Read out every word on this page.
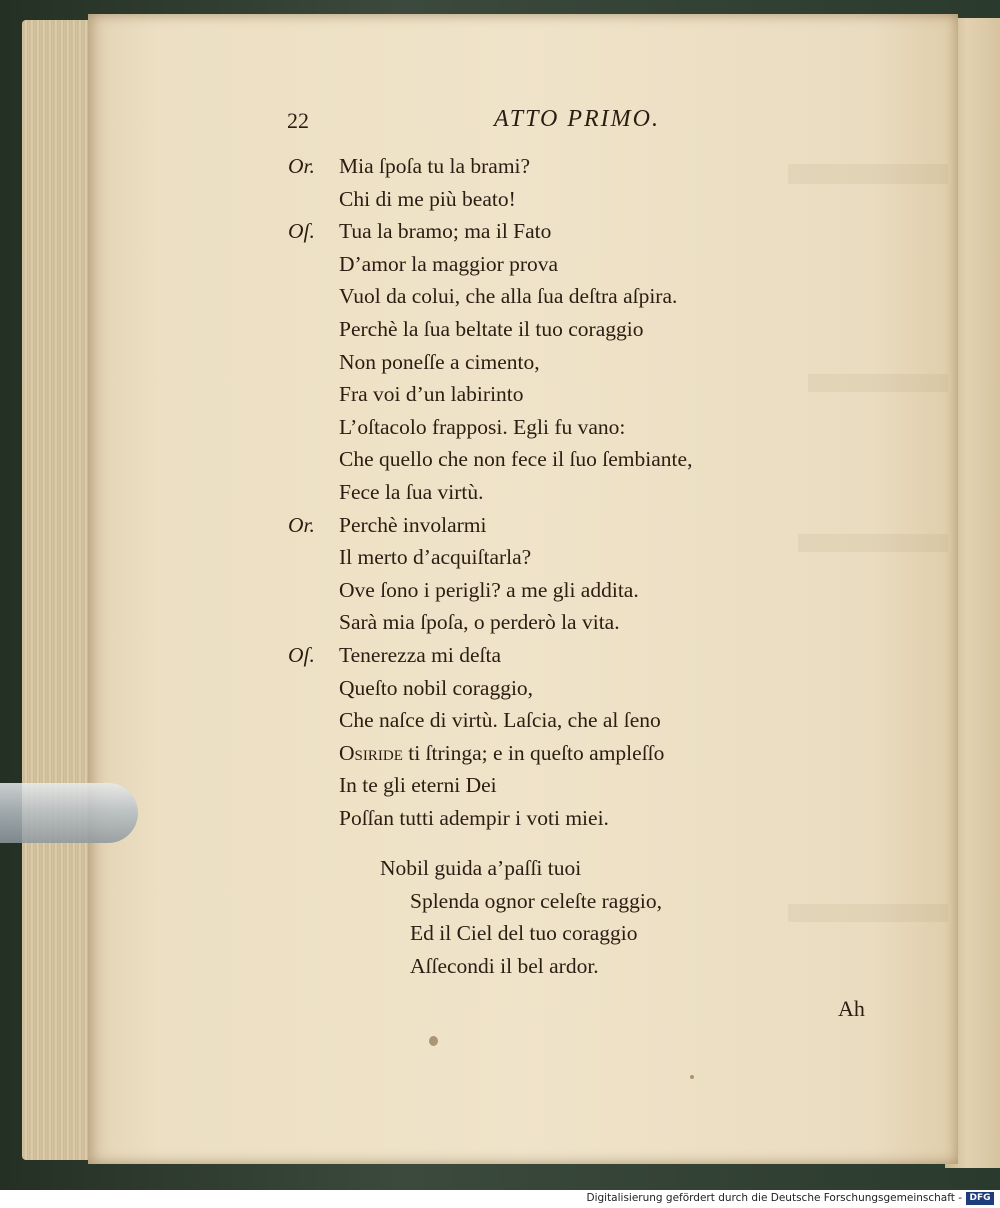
22	ATTO PRIMO.
Or. Mia ſpoſa tu la brami?
Chi di me più beato!
Oſ. Tua la bramo; ma il Fato
D’amor la maggior prova
Vuol da colui, che alla ſua deſtra aſpira.
Perchè la ſua beltate il tuo coraggio
Non poneſſe a cimento,
Fra voi d’un labirinto
L’oſtacolo frapposi. Egli fu vano:
Che quello che non fece il ſuo ſembiante,
Fece la ſua virtù.
Or. Perchè involarmi
Il merto d’acquiſtarla?
Ove ſono i perigli? a me gli addita.
Sarà mia ſpoſa, o perderò la vita.
Oſ. Tenerezza mi deſta
Queſto nobil coraggio,
Che naſce di virtù. Laſcia, che al ſeno
Osiride ti ſtringa; e in queſto ampleſſo
In te gli eterni Dei
Poſſan tutti adempir i voti miei.
Nobil guida a’paſſi tuoi
Splenda ognor celeſte raggio,
Ed il Ciel del tuo coraggio
Aſſecondi il bel ardor.
Ah
Digitalisierung gefördert durch die Deutsche Forschungsgemeinschaft - DFG
